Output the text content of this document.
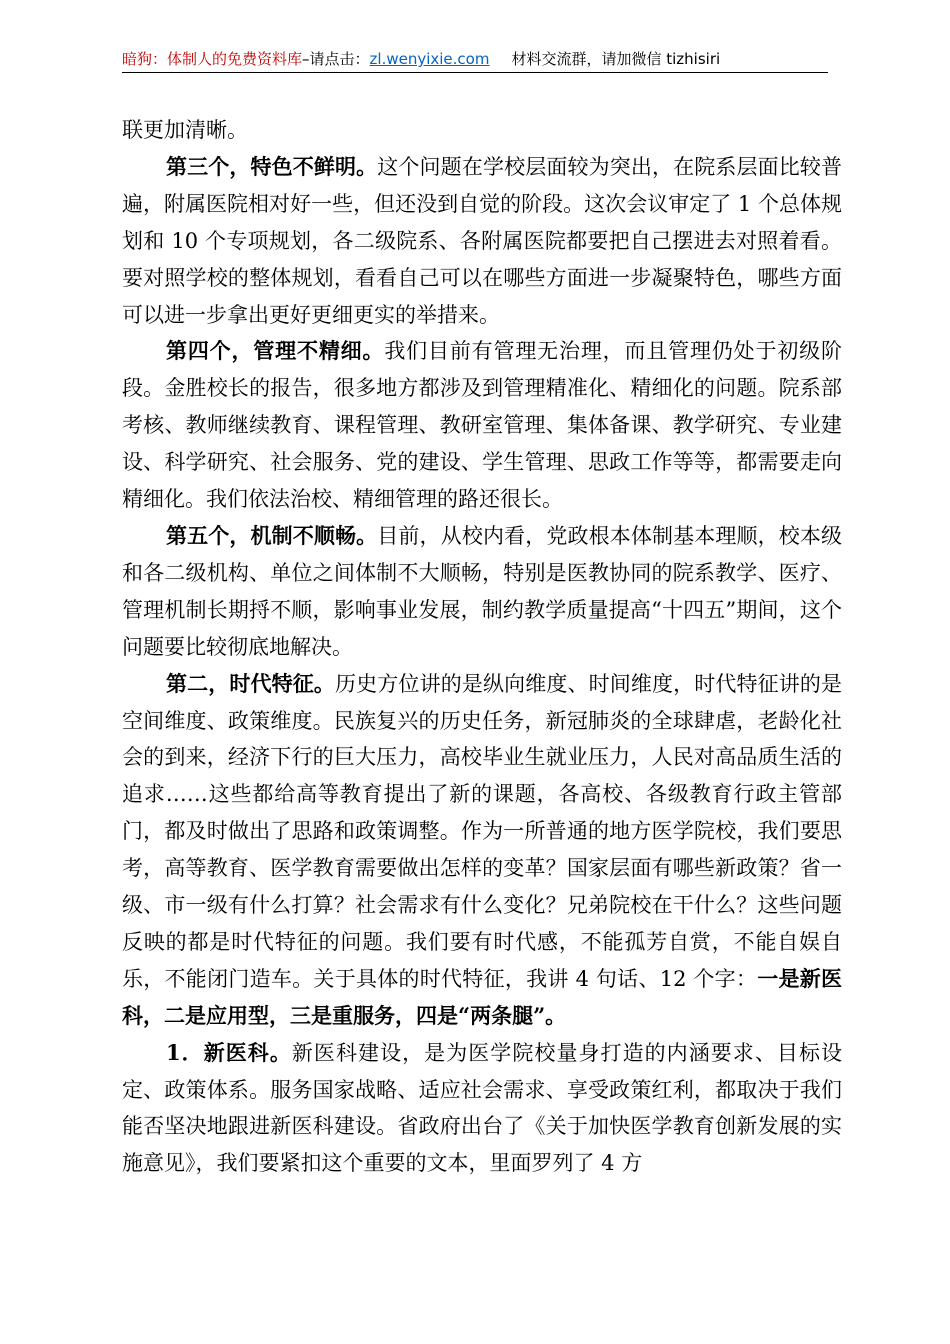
暗狗：体制人的免费资料库–请点击：zl.wenyixie.com 材料交流群，请加微信 tizhisiri

联更加清晰。

第三个，特色不鲜明。这个问题在学校层面较为突出，在院系层面比较普遍，附属医院相对好一些，但还没到自觉的阶段。这次会议审定了 1 个总体规划和 10 个专项规划，各二级院系、各附属医院都要把自己摆进去对照着看。要对照学校的整体规划，看看自己可以在哪些方面进一步凝聚特色，哪些方面可以进一步拿出更好更细更实的举措来。

第四个，管理不精细。我们目前有管理无治理，而且管理仍处于初级阶段。金胜校长的报告，很多地方都涉及到管理精准化、精细化的问题。院系部考核、教师继续教育、课程管理、教研室管理、集体备课、教学研究、专业建设、科学研究、社会服务、党的建设、学生管理、思政工作等等，都需要走向精细化。我们依法治校、精细管理的路还很长。

第五个，机制不顺畅。目前，从校内看，党政根本体制基本理顺，校本级和各二级机构、单位之间体制不大顺畅，特别是医教协同的院系教学、医疗、管理机制长期捋不顺，影响事业发展，制约教学质量提高“十四五”期间，这个问题要比较彻底地解决。

第二，时代特征。历史方位讲的是纵向维度、时间维度，时代特征讲的是空间维度、政策维度。民族复兴的历史任务，新冠肺炎的全球肆虐，老龄化社会的到来，经济下行的巨大压力，高校毕业生就业压力，人民对高品质生活的追求……这些都给高等教育提出了新的课题，各高校、各级教育行政主管部门，都及时做出了思路和政策调整。作为一所普通的地方医学院校，我们要思考，高等教育、医学教育需要做出怎样的变革？国家层面有哪些新政策？省一级、市一级有什么打算？社会需求有什么变化？兄弟院校在干什么？这些问题反映的都是时代特征的问题。我们要有时代感，不能孤芳自赏，不能自娱自乐，不能闭门造车。关于具体的时代特征，我讲 4 句话、12 个字：一是新医科，二是应用型，三是重服务，四是“两条腿”。

1．新医科。新医科建设，是为医学院校量身打造的内涵要求、目标设定、政策体系。服务国家战略、适应社会需求、享受政策红利，都取决于我们能否坚决地跟进新医科建设。省政府出台了《关于加快医学教育创新发展的实施意见》，我们要紧扣这个重要的文本，里面罗列了 4 方
